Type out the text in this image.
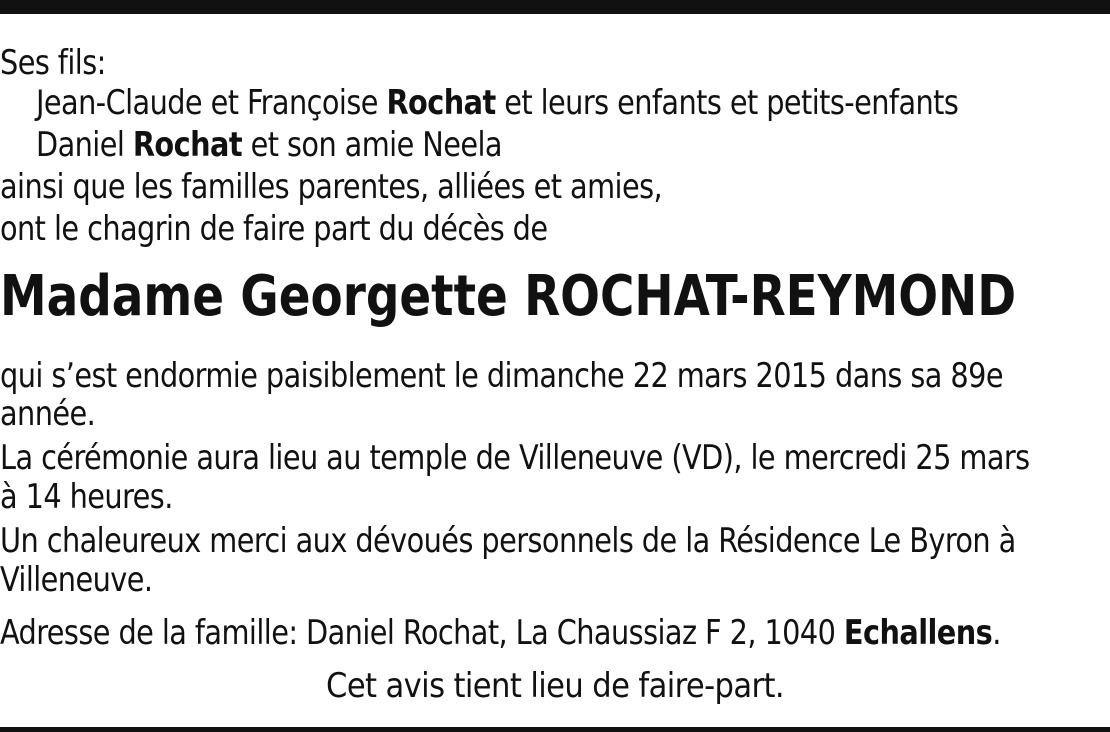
Ses fils:
Jean-Claude et Françoise Rochat et leurs enfants et petits-enfants
Daniel Rochat et son amie Neela
ainsi que les familles parentes, alliées et amies,
ont le chagrin de faire part du décès de
Madame Georgette ROCHAT-REYMOND
qui s’est endormie paisiblement le dimanche 22 mars 2015 dans sa 89e
année.
La cérémonie aura lieu au temple de Villeneuve (VD), le mercredi 25 mars
à 14 heures.
Un chaleureux merci aux dévoués personnels de la Résidence Le Byron à
Villeneuve.
Adresse de la famille: Daniel Rochat, La Chaussiaz F 2, 1040 Echallens.
Cet avis tient lieu de faire-part.
